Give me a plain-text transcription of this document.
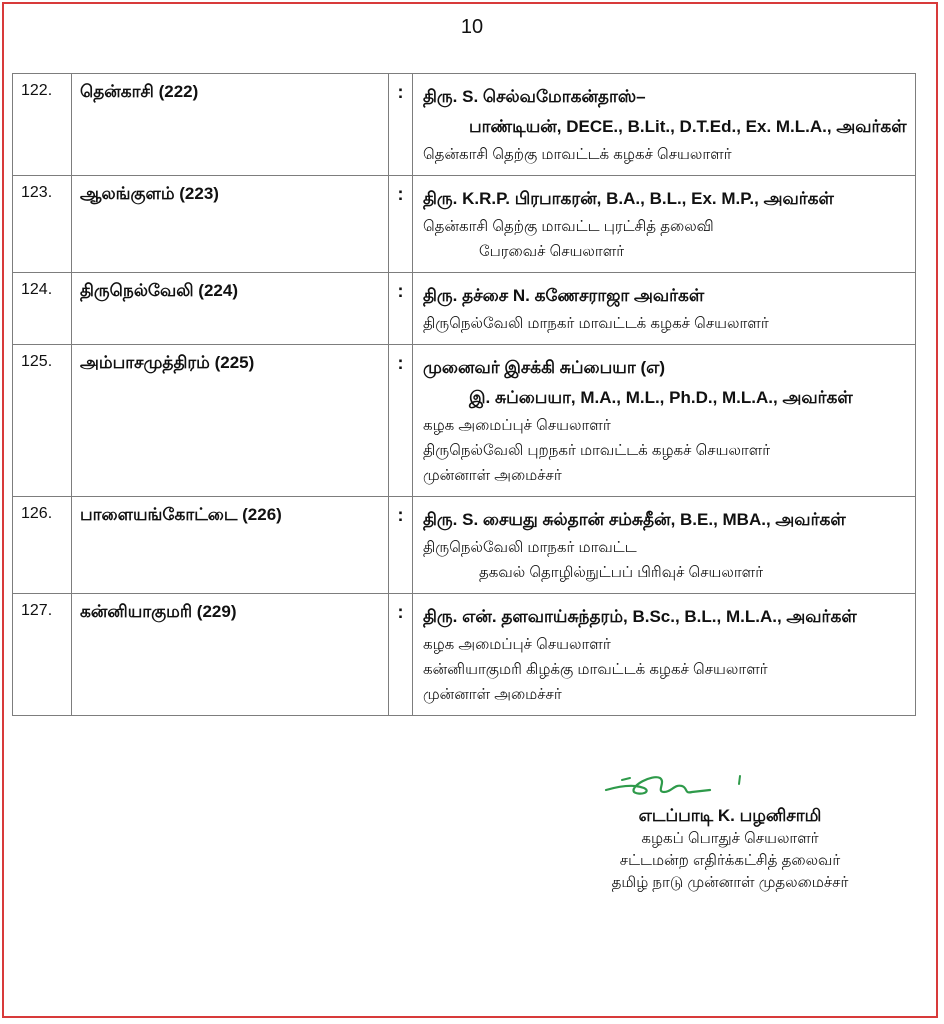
10
122.	தென்காசி (222)	:	திரு. S. செல்வமோகன்தாஸ்–
பாண்டியன், DECE., B.Lit., D.T.Ed., Ex. M.L.A., அவர்கள்
தென்காசி தெற்கு மாவட்டக் கழகச் செயலாளர்

123.	ஆலங்குளம் (223)	:	திரு. K.R.P. பிரபாகரன், B.A., B.L., Ex. M.P., அவர்கள்
தென்காசி தெற்கு மாவட்ட புரட்சித் தலைவி
பேரவைச் செயலாளர்

124.	திருநெல்வேலி (224)	:	திரு. தச்சை N. கணேசராஜா அவர்கள்
திருநெல்வேலி மாநகர் மாவட்டக் கழகச் செயலாளர்

125.	அம்பாசமுத்திரம் (225)	:	முனைவர் இசக்கி சுப்பையா (எ)
இ. சுப்பையா, M.A., M.L., Ph.D., M.L.A., அவர்கள்
கழக அமைப்புச் செயலாளர்
திருநெல்வேலி புறநகர் மாவட்டக் கழகச் செயலாளர்
முன்னாள் அமைச்சர்

126.	பாளையங்கோட்டை (226)	:	திரு. S. சையது சுல்தான் சம்சுதீன், B.E., MBA., அவர்கள்
திருநெல்வேலி மாநகர் மாவட்ட
தகவல் தொழில்நுட்பப் பிரிவுச் செயலாளர்

127.	கன்னியாகுமரி (229)	:	திரு. என். தளவாய்சுந்தரம், B.Sc., B.L., M.L.A., அவர்கள்
கழக அமைப்புச் செயலாளர்
கன்னியாகுமரி கிழக்கு மாவட்டக் கழகச் செயலாளர்
முன்னாள் அமைச்சர்
எடப்பாடி K. பழனிசாமி
கழகப் பொதுச் செயலாளர்
சட்டமன்ற எதிர்க்கட்சித் தலைவர்
தமிழ் நாடு முன்னாள் முதலமைச்சர்
